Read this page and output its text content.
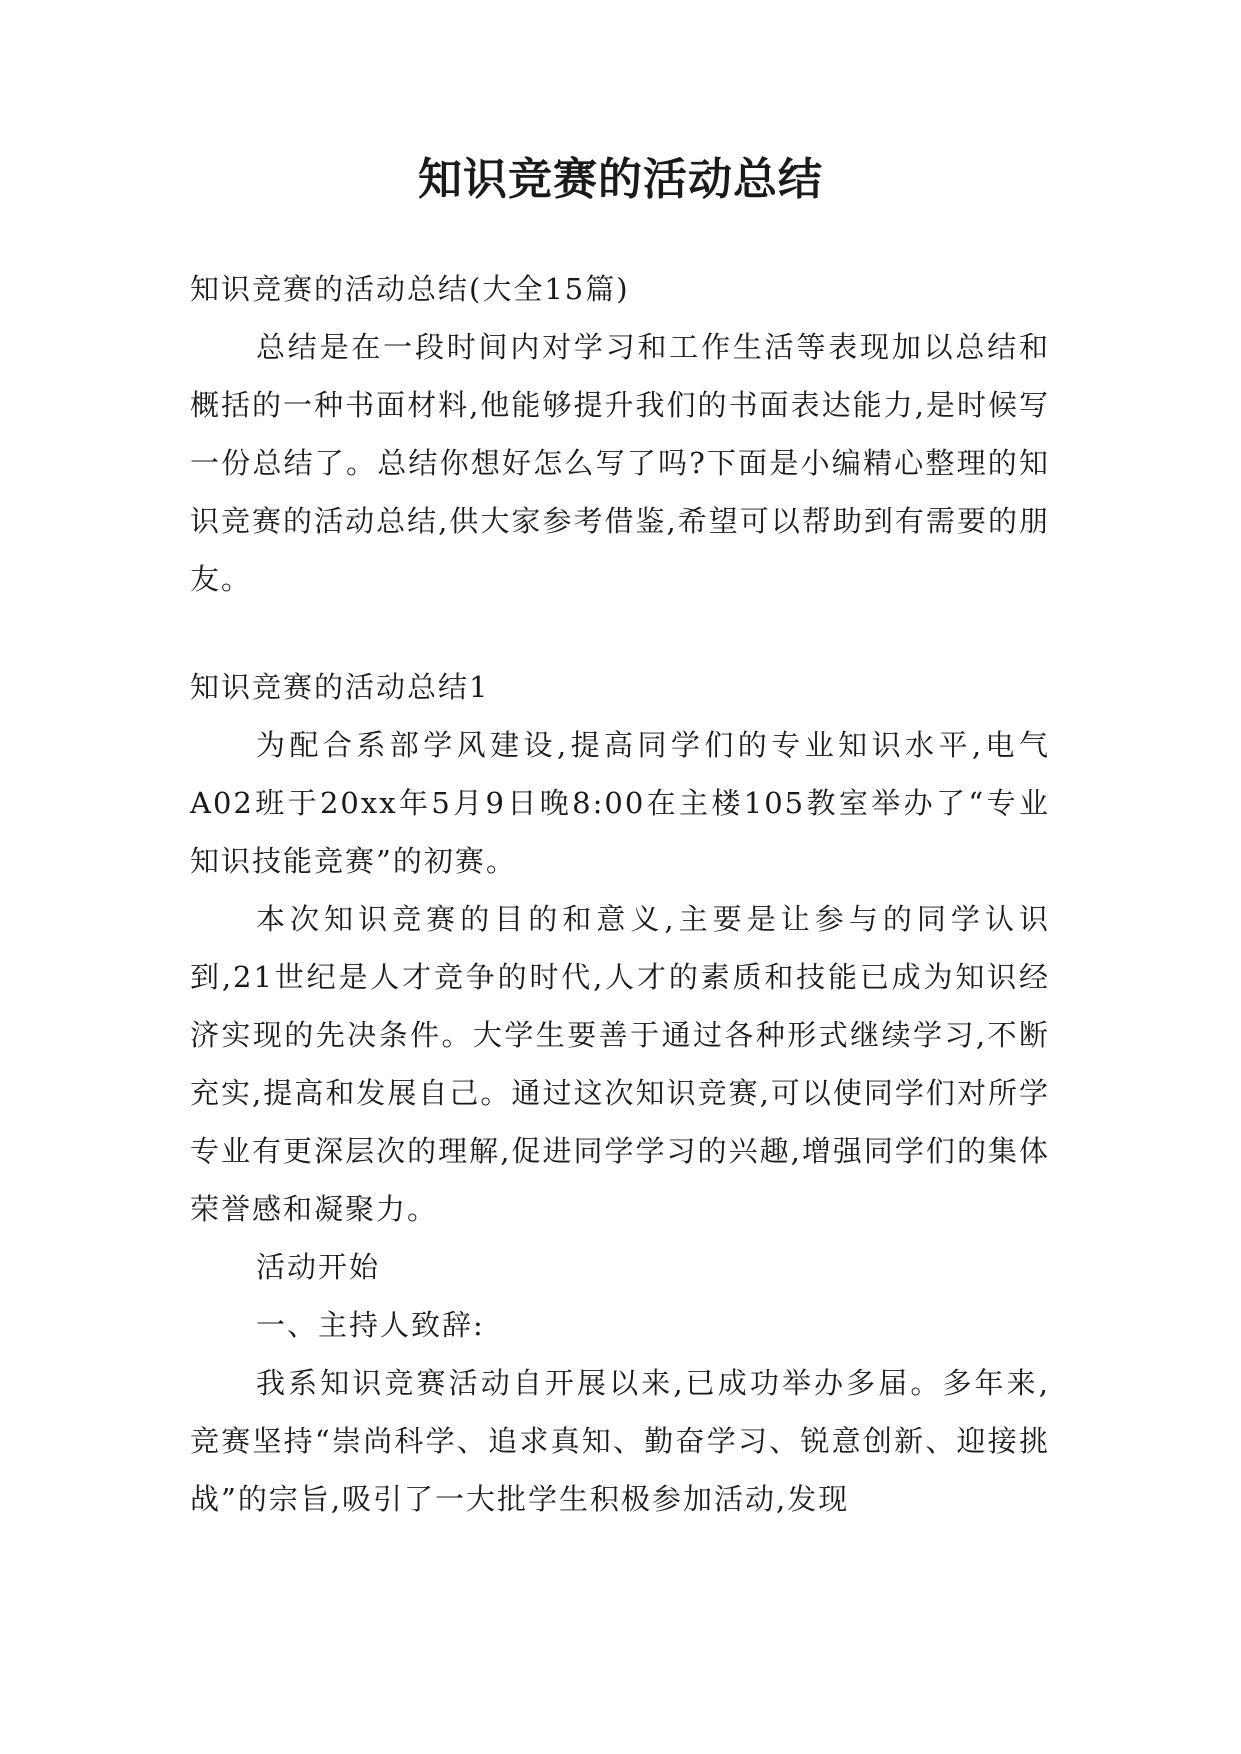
知识竞赛的活动总结

知识竞赛的活动总结(大全15篇)

总结是在一段时间内对学习和工作生活等表现加以总结和概括的一种书面材料,他能够提升我们的书面表达能力,是时候写一份总结了。总结你想好怎么写了吗?下面是小编精心整理的知识竞赛的活动总结,供大家参考借鉴,希望可以帮助到有需要的朋友。

知识竞赛的活动总结1

为配合系部学风建设,提高同学们的专业知识水平,电气A02班于20xx年5月9日晚8:00在主楼105教室举办了“专业知识技能竞赛”的初赛。

本次知识竞赛的目的和意义,主要是让参与的同学认识到,21世纪是人才竞争的时代,人才的素质和技能已成为知识经济实现的先决条件。大学生要善于通过各种形式继续学习,不断充实,提高和发展自己。通过这次知识竞赛,可以使同学们对所学专业有更深层次的理解,促进同学学习的兴趣,增强同学们的集体荣誉感和凝聚力。

活动开始

一、主持人致辞:

我系知识竞赛活动自开展以来,已成功举办多届。多年来,竞赛坚持“崇尚科学、追求真知、勤奋学习、锐意创新、迎接挑战”的宗旨,吸引了一大批学生积极参加活动,发现
